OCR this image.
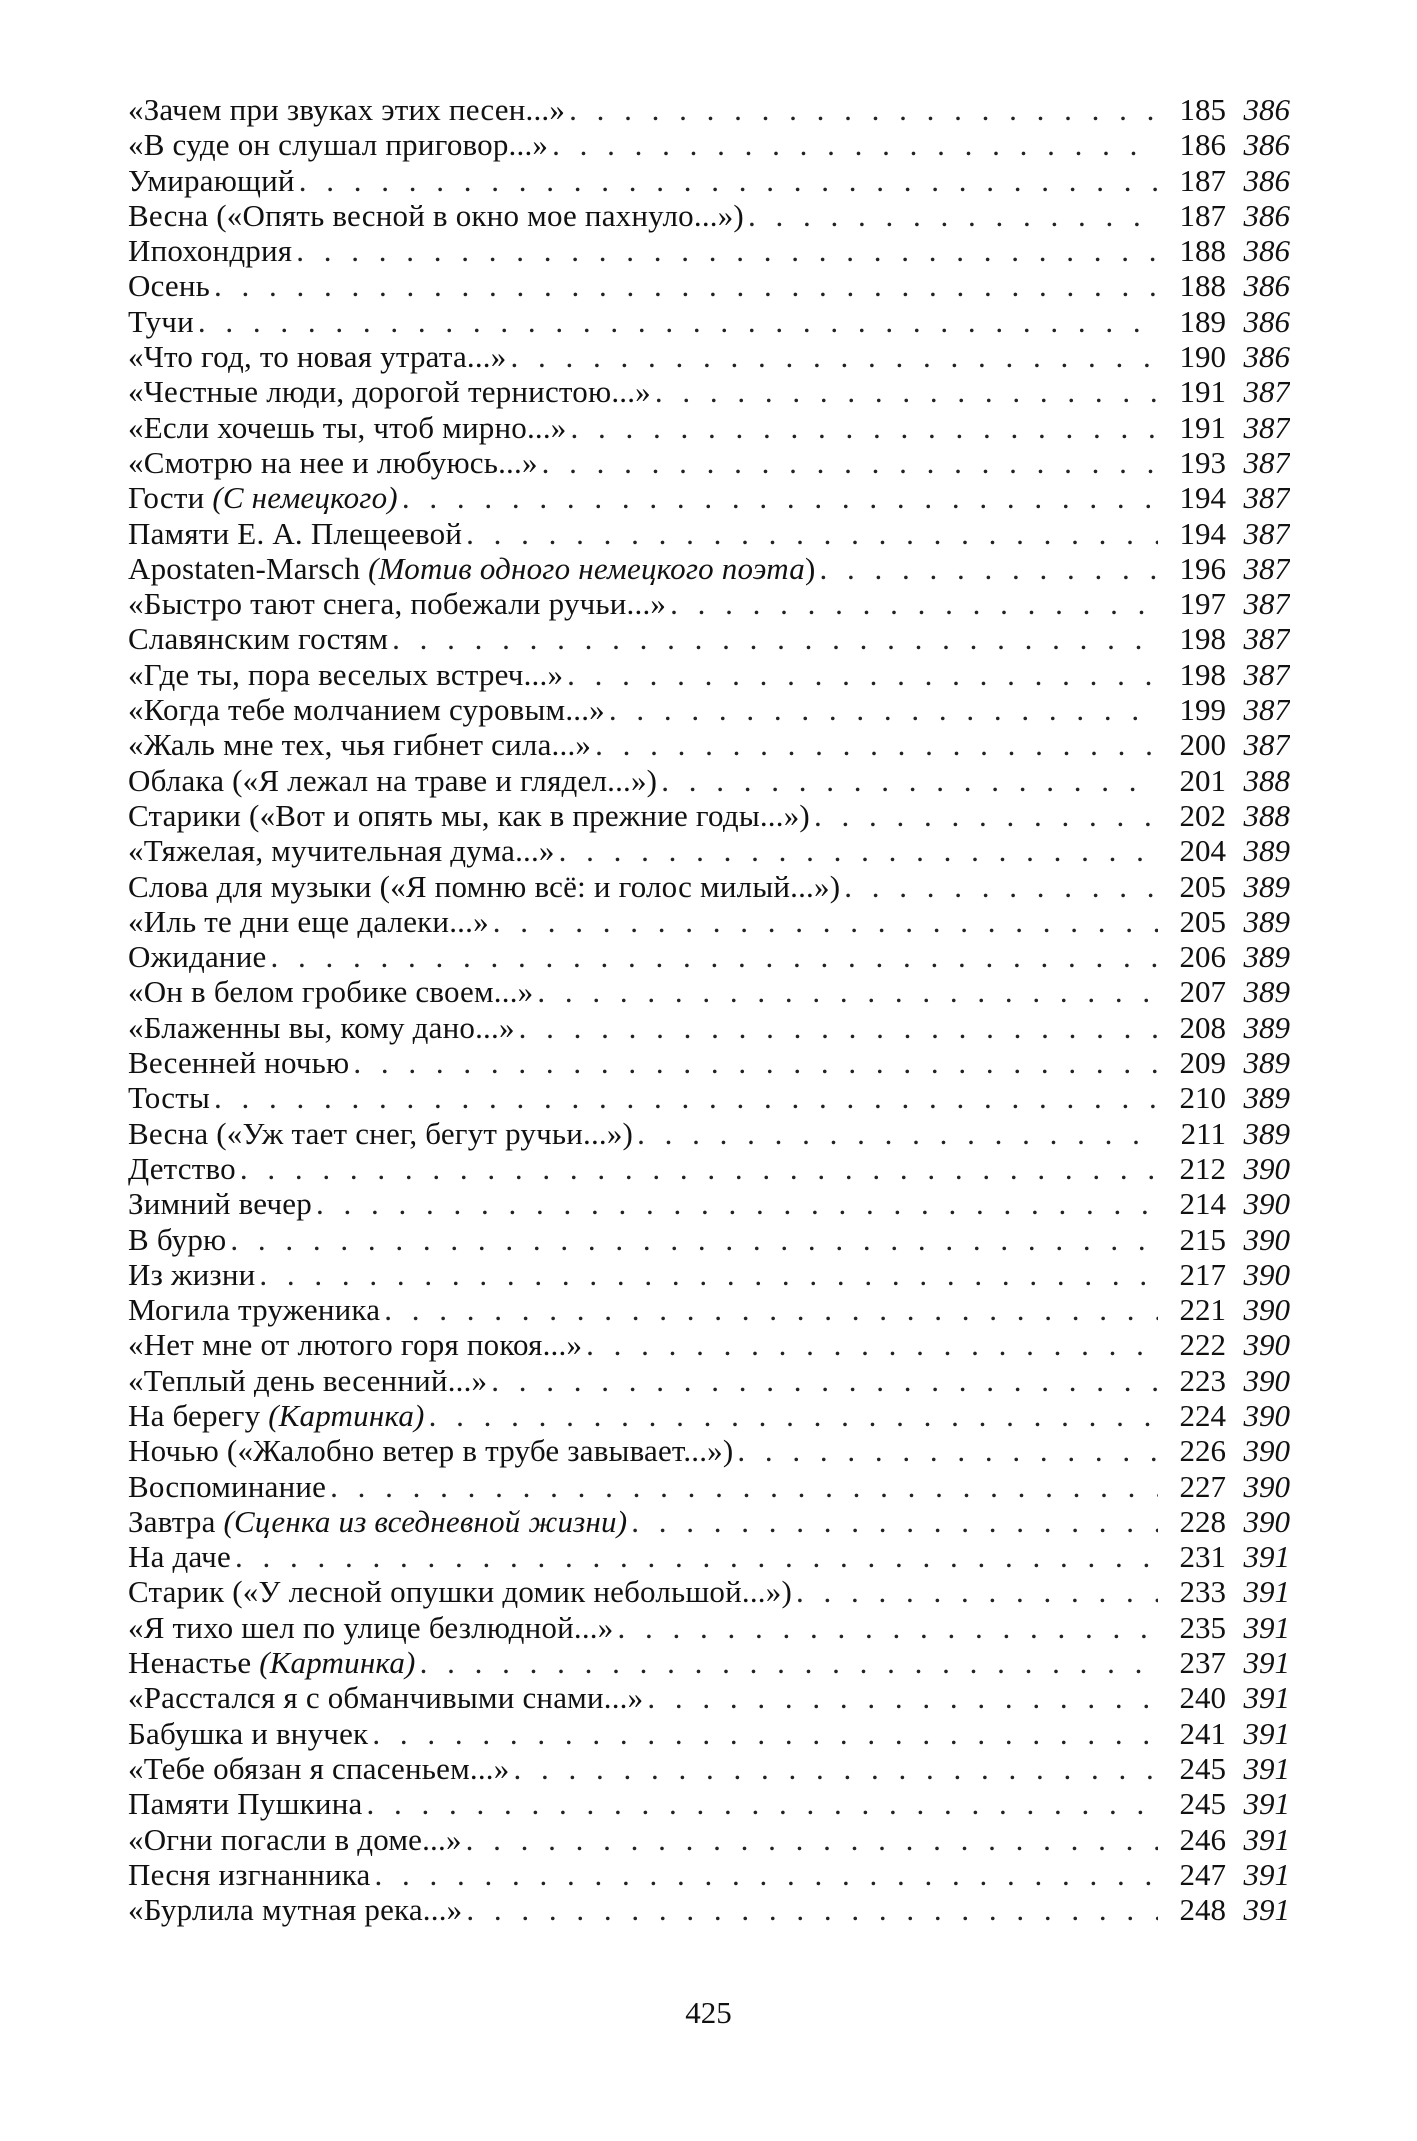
«Зачем при звуках этих песен...» . . .	185 386
«В суде он слушал приговор...» . . .	186 386
Умирающий . . .	187 386
Весна («Опять весной в окно мое пахнуло...») . . .	187 386
Ипохондрия . . .	188 386
Осень . . .	188 386
Тучи . . .	189 386
«Что год, то новая утрата...» . . .	190 386
«Честные люди, дорогой тернистою...» . . .	191 387
«Если хочешь ты, чтоб мирно...» . . .	191 387
«Смотрю на нее и любуюсь...» . . .	193 387
Гости (С немецкого) . . .	194 387
Памяти Е. А. Плещеевой . . .	194 387
Apostaten-Marsch (Мотив одного немецкого поэта) . . .	196 387
«Быстро тают снега, побежали ручьи...» . . .	197 387
Славянским гостям . . .	198 387
«Где ты, пора веселых встреч...» . . .	198 387
«Когда тебе молчанием суровым...» . . .	199 387
«Жаль мне тех, чья гибнет сила...» . . .	200 387
Облака («Я лежал на траве и глядел...») . . .	201 388
Старики («Вот и опять мы, как в прежние годы...») . . .	202 388
«Тяжелая, мучительная дума...» . . .	204 389
Слова для музыки («Я помню всё: и голос милый...») . . .	205 389
«Иль те дни еще далеки...» . . .	205 389
Ожидание . . .	206 389
«Он в белом гробике своем...» . . .	207 389
«Блаженны вы, кому дано...» . . .	208 389
Весенней ночью . . .	209 389
Тосты . . .	210 389
Весна («Уж тает снег, бегут ручьи...») . . .	211 389
Детство . . .	212 390
Зимний вечер . . .	214 390
В бурю . . .	215 390
Из жизни . . .	217 390
Могила труженика . . .	221 390
«Нет мне от лютого горя покоя...» . . .	222 390
«Теплый день весенний...» . . .	223 390
На берегу (Картинка) . . .	224 390
Ночью («Жалобно ветер в трубе завывает...») . . .	226 390
Воспоминание . . .	227 390
Завтра (Сценка из вседневной жизни) . . .	228 390
На даче . . .	231 391
Старик («У лесной опушки домик небольшой...») . . .	233 391
«Я тихо шел по улице безлюдной...» . . .	235 391
Ненастье (Картинка) . . .	237 391
«Расстался я с обманчивыми снами...» . . .	240 391
Бабушка и внучек . . .	241 391
«Тебе обязан я спасеньем...» . . .	245 391
Памяти Пушкина . . .	245 391
«Огни погасли в доме...» . . .	246 391
Песня изгнанника . . .	247 391
«Бурлила мутная река...» . . .	248 391
425
